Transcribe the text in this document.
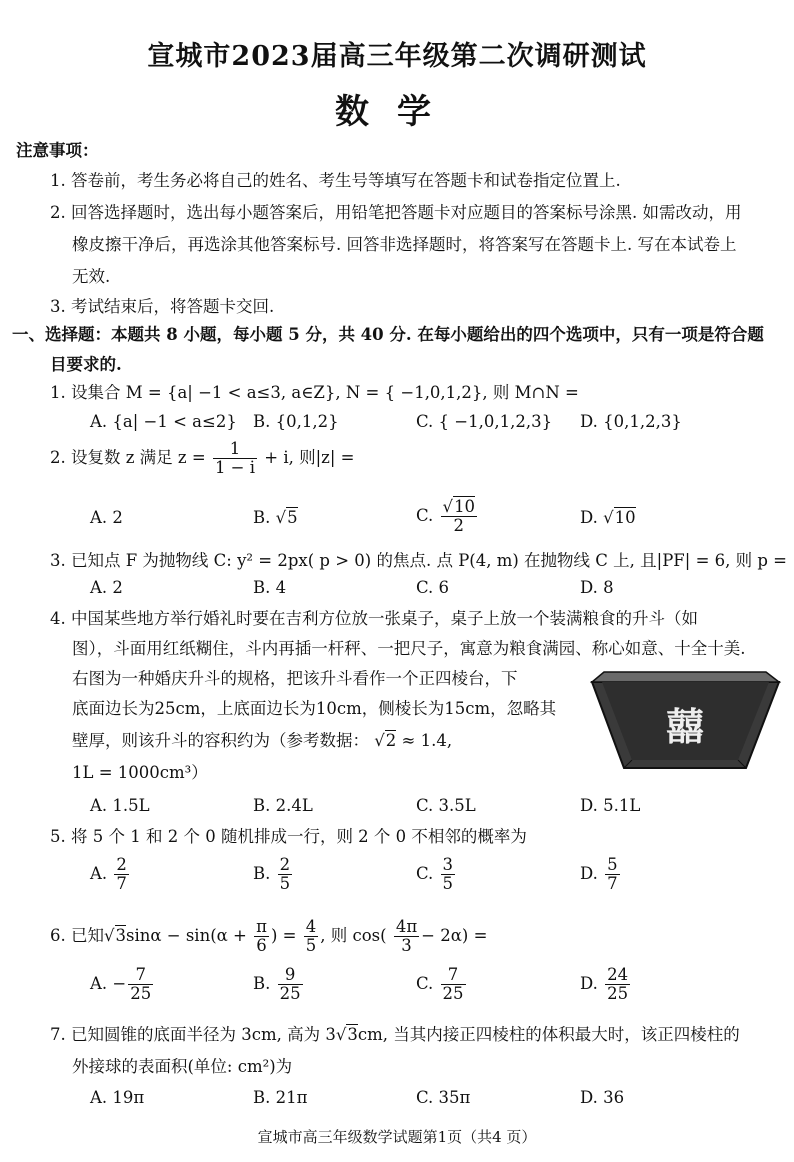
宣城市2023届高三年级第二次调研测试
数学
注意事项：
1. 答卷前，考生务必将自己的姓名、考生号等填写在答题卡和试卷指定位置上.
2. 回答选择题时，选出每小题答案后，用铅笔把答题卡对应题目的答案标号涂黑. 如需改动，用
橡皮擦干净后，再选涂其他答案标号. 回答非选择题时，将答案写在答题卡上. 写在本试卷上
无效.
3. 考试结束后，将答题卡交回.
一、选择题：本题共 8 小题，每小题 5 分，共 40 分. 在每小题给出的四个选项中，只有一项是符合题
目要求的.
1. 设集合 M = {a| −1 < a≤3, a∈Z}, N = { −1,0,1,2}, 则 M∩N =
A. {a| −1 < a≤2} B. {0,1,2}	C. { −1,0,1,2,3} D. {0,1,2,3}
2. 设复数 z 满足 $z = \frac{1}{1 - i} + i$, 则|z| =
A. 2	B. √5	C. $\frac{√10}{2}$	D. √10
3. 已知点 F 为抛物线 C: y² = 2px( p > 0) 的焦点. 点 P(4, m) 在抛物线 C 上, 且|PF| = 6, 则 p =
A. 2	B. 4	C. 6	D. 8
4. 中国某些地方举行婚礼时要在吉利方位放一张桌子，桌子上放一个装满粮食的升斗（如
图），斗面用红纸糊住，斗内再插一杆秤、一把尺子，寓意为粮食满园、称心如意、十全十美.
右图为一种婚庆升斗的规格，把该升斗看作一个正四棱台，下
底面边长为25cm，上底面边长为10cm，侧棱长为15cm，忽略其
壁厚，则该升斗的容积约为（参考数据： √2 ≈ 1.4,
1L = 1000cm³）
囍
A. 1.5L	B. 2.4L	C. 3.5L	D. 5.1L
5. 将 5 个 1 和 2 个 0 随机排成一行，则 2 个 0 不相邻的概率为
A. $\frac{2}{7}$	B. $\frac{2}{5}$	C. $\frac{3}{5}$	D. $\frac{5}{7}$
6. 已知$√3\sin\alpha - \sin(\alpha + \frac{\pi}{6}$ ) = $\frac{4}{5}$ , 则 $\cos( \frac{4\pi}{3} - 2\alpha)$ =
A. − $\frac{7}{25}$	B. $\frac{9}{25}$	C. $\frac{7}{25}$	D. $\frac{24}{25}$
7. 已知圆锥的底面半径为 3cm, 高为 3√3cm, 当其内接正四棱柱的体积最大时，该正四棱柱的
外接球的表面积(单位: cm²)为
A. 19π	B. 21π	C. 35π	D. 36
宣城市高三年级数学试题第1页（共4 页）
